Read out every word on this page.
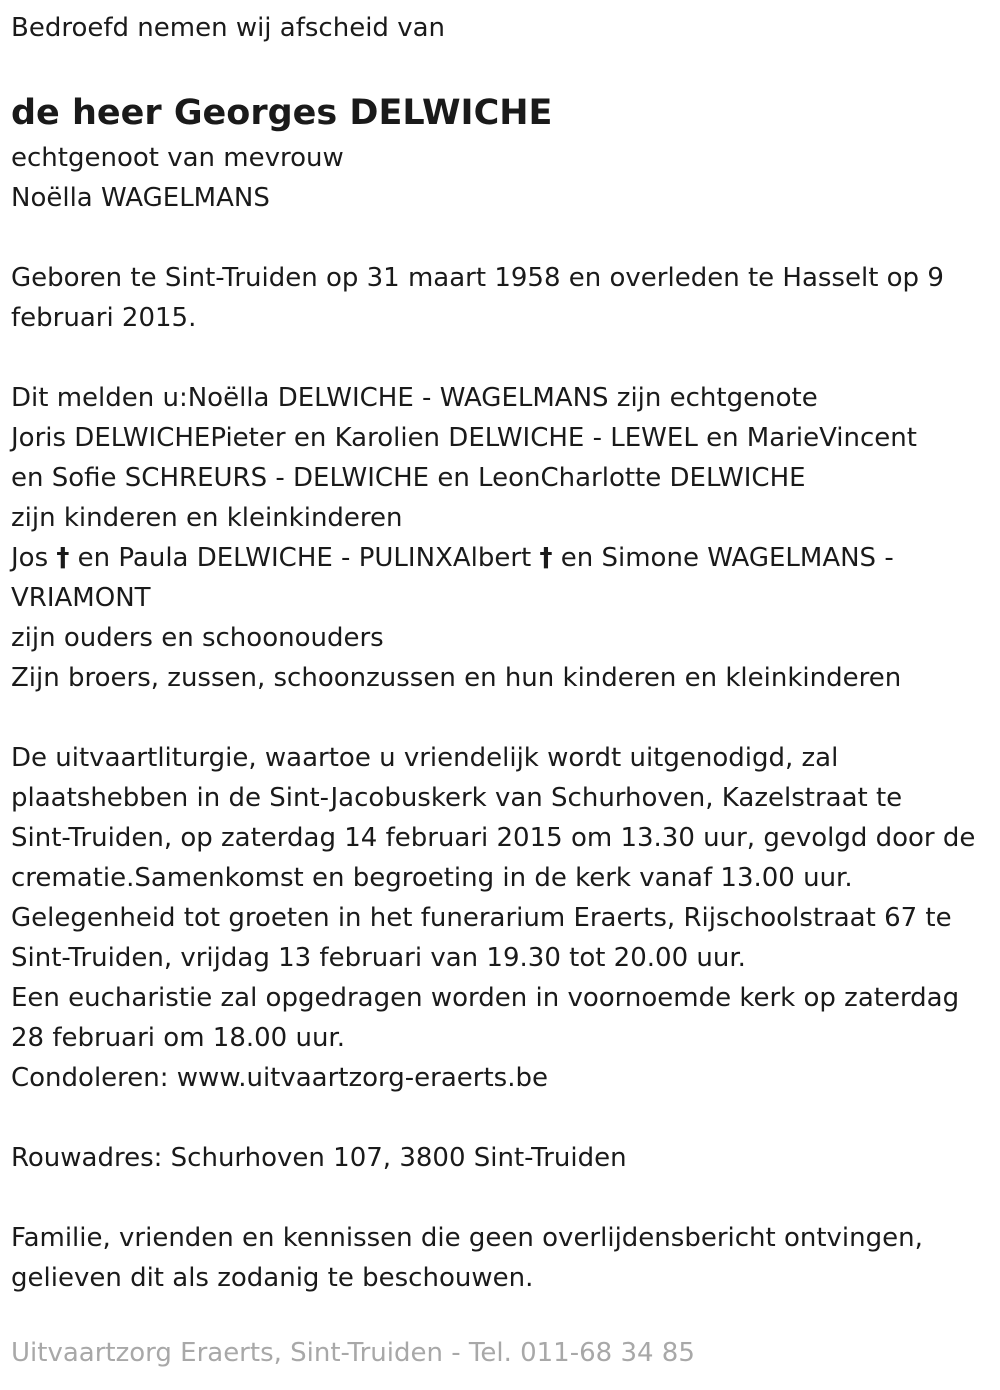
Bedroefd nemen wij afscheid van

de heer Georges DELWICHE

echtgenoot van mevrouw

Noëlla WAGELMANS

Geboren te Sint-Truiden op 31 maart 1958 en overleden te Hasselt op 9

februari 2015.

Dit melden u:Noëlla DELWICHE - WAGELMANS zijn echtgenote

Joris DELWICHEPieter en Karolien DELWICHE - LEWEL en MarieVincent

en Sofie SCHREURS - DELWICHE en LeonCharlotte DELWICHE

zijn kinderen en kleinkinderen

Jos † en Paula DELWICHE - PULINXAlbert † en Simone WAGELMANS -

VRIAMONT

zijn ouders en schoonouders

Zijn broers, zussen, schoonzussen en hun kinderen en kleinkinderen

De uitvaartliturgie, waartoe u vriendelijk wordt uitgenodigd, zal

plaatshebben in de Sint-Jacobuskerk van Schurhoven, Kazelstraat te

Sint-Truiden, op zaterdag 14 februari 2015 om 13.30 uur, gevolgd door de

crematie.Samenkomst en begroeting in de kerk vanaf 13.00 uur.

Gelegenheid tot groeten in het funerarium Eraerts, Rijschoolstraat 67 te

Sint-Truiden, vrijdag 13 februari van 19.30 tot 20.00 uur.

Een eucharistie zal opgedragen worden in voornoemde kerk op zaterdag

28 februari om 18.00 uur.

Condoleren: www.uitvaartzorg-eraerts.be

Rouwadres: Schurhoven 107, 3800 Sint-Truiden

Familie, vrienden en kennissen die geen overlijdensbericht ontvingen,

gelieven dit als zodanig te beschouwen.

Uitvaartzorg Eraerts, Sint-Truiden - Tel. 011-68 34 85
